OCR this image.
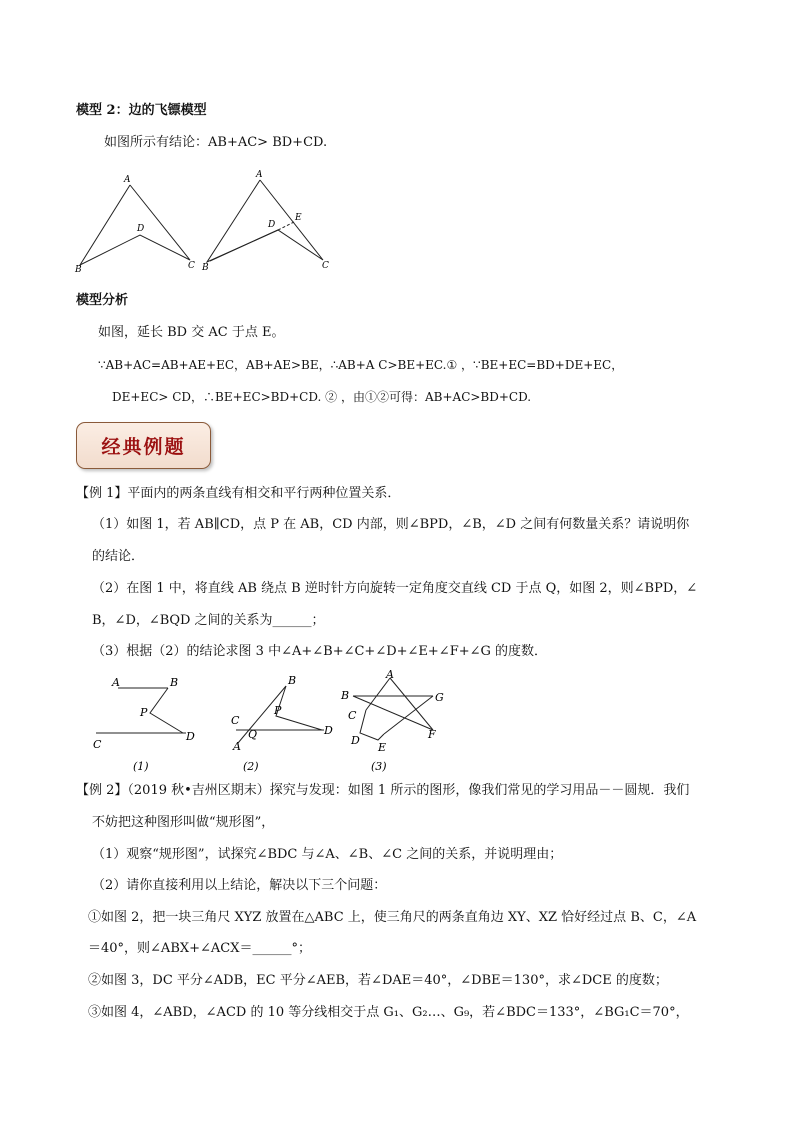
模型 2：边的飞镖模型
如图所示有结论：AB+AC> BD+CD.
A
D
B	C
A
D
E
B	C
模型分析
如图，延长 BD 交 AC 于点 E。
∵AB+AC=AB+AE+EC，AB+AE>BE，∴AB+A C>BE+EC.① ，∵BE+EC=BD+DE+EC，
DE+EC> CD，∴BE+EC>BD+CD. ② ，由①②可得：AB+AC>BD+CD.
经典例题
【例 1】平面内的两条直线有相交和平行两种位置关系．
（1）如图 1，若 AB∥CD，点 P 在 AB，CD 内部，则∠BPD，∠B，∠D 之间有何数量关系？请说明你
的结论．
（2）在图 1 中，将直线 AB 绕点 B 逆时针方向旋转一定角度交直线 CD 于点 Q，如图 2，则∠BPD，∠
B，∠D，∠BQD 之间的关系为______；
（3）根据（2）的结论求图 3 中∠A+∠B+∠C+∠D+∠E+∠F+∠G 的度数．
A	B
P
C
D
(1)
B
P
C
Q
A
D
(2)
A
B	G
C
F
D
E
(3)
【例 2】（2019 秋•吉州区期末）探究与发现：如图 1 所示的图形，像我们常见的学习用品－－圆规．我们
不妨把这种图形叫做“规形图”，
（1）观察“规形图”，试探究∠BDC 与∠A、∠B、∠C 之间的关系，并说明理由；
（2）请你直接利用以上结论，解决以下三个问题：
①如图 2，把一块三角尺 XYZ 放置在△ABC 上，使三角尺的两条直角边 XY、XZ 恰好经过点 B、C，∠A
＝40°，则∠ABX+∠ACX＝______°；
②如图 3，DC 平分∠ADB，EC 平分∠AEB，若∠DAE＝40°，∠DBE＝130°，求∠DCE 的度数；
③如图 4，∠ABD，∠ACD 的 10 等分线相交于点 G₁、G₂…、G₉，若∠BDC＝133°，∠BG₁C＝70°，
